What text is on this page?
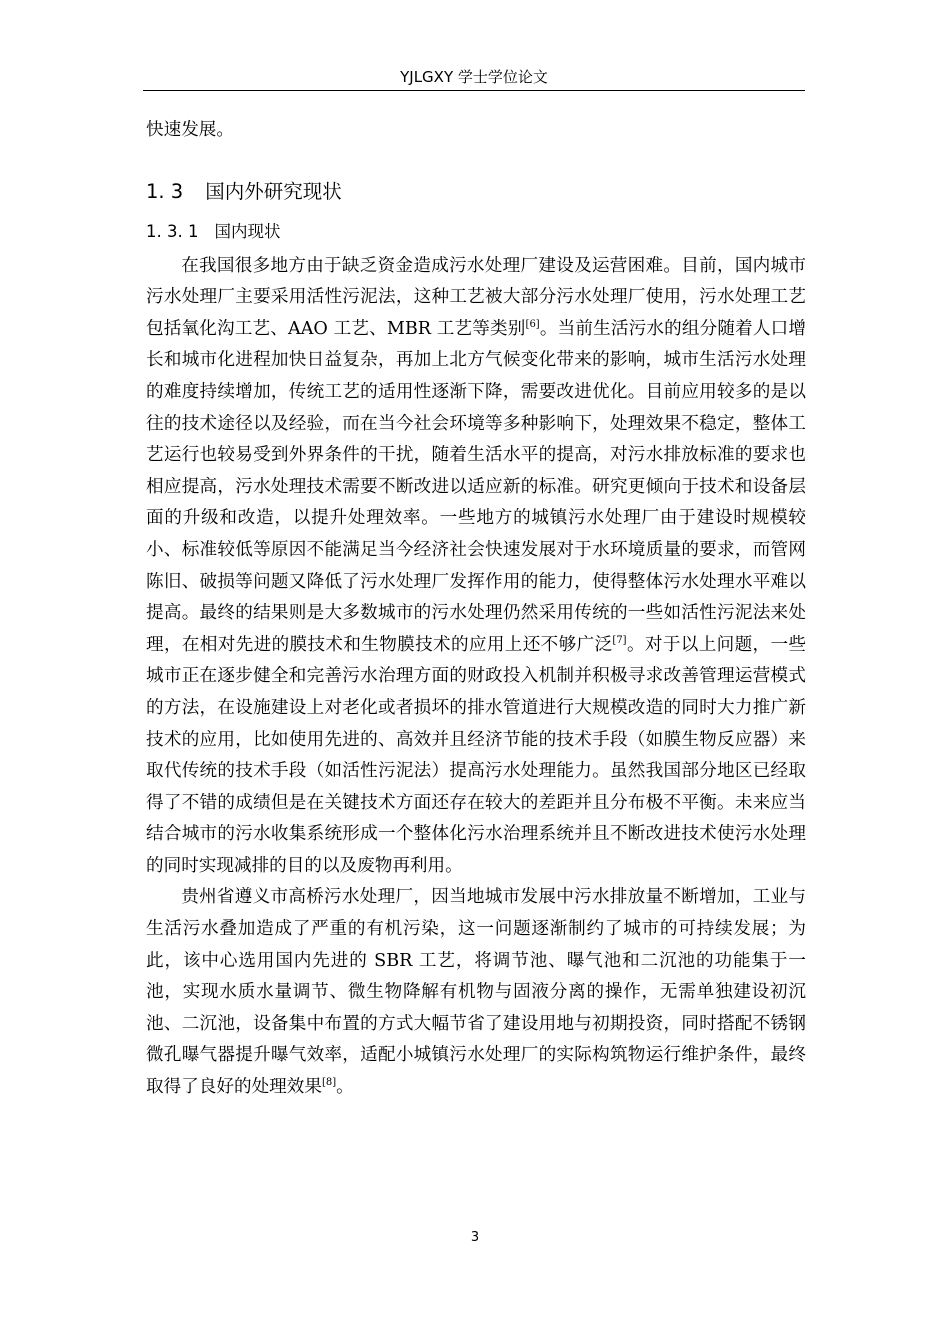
YJLGXY 学士学位论文

快速发展。

1. 3 国内外研究现状
1. 3. 1 国内现状

在我国很多地方由于缺乏资金造成污水处理厂建设及运营困难。目前，国内城市污水处理厂主要采用活性污泥法，这种工艺被大部分污水处理厂使用，污水处理工艺包括氧化沟工艺、AAO 工艺、MBR 工艺等类别[6]。当前生活污水的组分随着人口增长和城市化进程加快日益复杂，再加上北方气候变化带来的影响，城市生活污水处理的难度持续增加，传统工艺的适用性逐渐下降，需要改进优化。目前应用较多的是以往的技术途径以及经验，而在当今社会环境等多种影响下，处理效果不稳定，整体工艺运行也较易受到外界条件的干扰，随着生活水平的提高，对污水排放标准的要求也相应提高，污水处理技术需要不断改进以适应新的标准。研究更倾向于技术和设备层面的升级和改造，以提升处理效率。一些地方的城镇污水处理厂由于建设时规模较小、标准较低等原因不能满足当今经济社会快速发展对于水环境质量的要求，而管网陈旧、破损等问题又降低了污水处理厂发挥作用的能力，使得整体污水处理水平难以提高。最终的结果则是大多数城市的污水处理仍然采用传统的一些如活性污泥法来处理，在相对先进的膜技术和生物膜技术的应用上还不够广泛[7]。对于以上问题，一些城市正在逐步健全和完善污水治理方面的财政投入机制并积极寻求改善管理运营模式的方法，在设施建设上对老化或者损坏的排水管道进行大规模改造的同时大力推广新技术的应用，比如使用先进的、高效并且经济节能的技术手段（如膜生物反应器）来取代传统的技术手段（如活性污泥法）提高污水处理能力。虽然我国部分地区已经取得了不错的成绩但是在关键技术方面还存在较大的差距并且分布极不平衡。未来应当结合城市的污水收集系统形成一个整体化污水治理系统并且不断改进技术使污水处理的同时实现减排的目的以及废物再利用。

贵州省遵义市高桥污水处理厂，因当地城市发展中污水排放量不断增加，工业与生活污水叠加造成了严重的有机污染，这一问题逐渐制约了城市的可持续发展；为此，该中心选用国内先进的 SBR 工艺，将调节池、曝气池和二沉池的功能集于一池，实现水质水量调节、微生物降解有机物与固液分离的操作，无需单独建设初沉池、二沉池，设备集中布置的方式大幅节省了建设用地与初期投资，同时搭配不锈钢微孔曝气器提升曝气效率，适配小城镇污水处理厂的实际构筑物运行维护条件，最终取得了良好的处理效果[8]。

3
